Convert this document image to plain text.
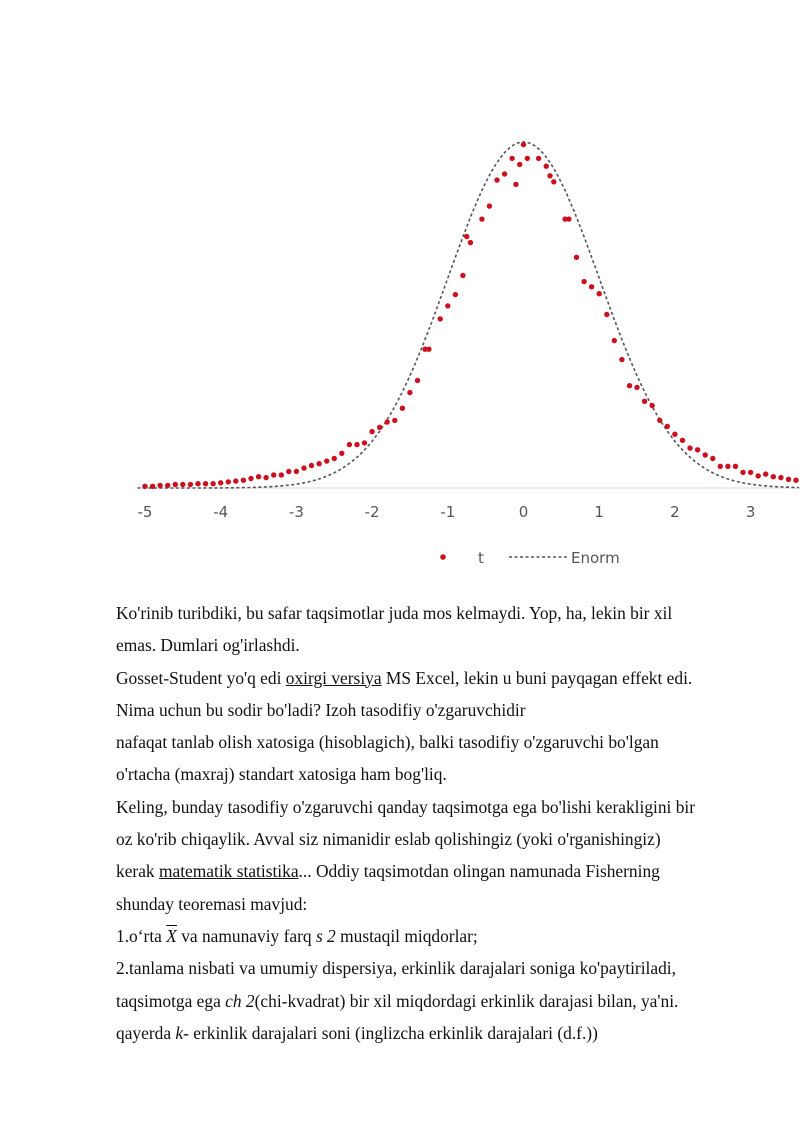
-5	-4	-3	-2	-1	0	1	2	3
t	Enorm
Ko'rinib turibdiki, bu safar taqsimotlar juda mos kelmaydi. Yop, ha, lekin bir xil
emas. Dumlari og'irlashdi.
Gosset-Student yo'q edi oxirgi versiya MS Excel, lekin u buni payqagan effekt edi.
Nima uchun bu sodir bo'ladi? Izoh tasodifiy o'zgaruvchidir
nafaqat tanlab olish xatosiga (hisoblagich), balki tasodifiy o'zgaruvchi bo'lgan
o'rtacha (maxraj) standart xatosiga ham bog'liq.
Keling, bunday tasodifiy o'zgaruvchi qanday taqsimotga ega bo'lishi kerakligini bir
oz ko'rib chiqaylik. Avval siz nimanidir eslab qolishingiz (yoki o'rganishingiz)
kerak matematik statistika... Oddiy taqsimotdan olingan namunada Fisherning
shunday teoremasi mavjud:
1.o‘rta $\overline{X}$ va namunaviy farq s 2 mustaqil miqdorlar;
2.tanlama nisbati va umumiy dispersiya, erkinlik darajalari soniga ko'paytiriladi,
taqsimotga ega ch 2(chi-kvadrat) bir xil miqdordagi erkinlik darajasi bilan, ya'ni.
qayerda k- erkinlik darajalari soni (inglizcha erkinlik darajalari (d.f.))
